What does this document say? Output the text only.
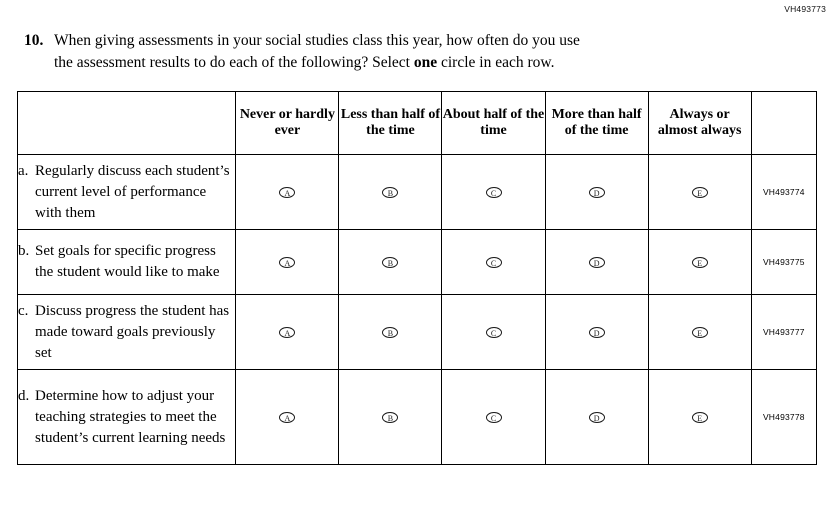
VH493773
10. When giving assessments in your social studies class this year, how often do you use
the assessment results to do each of the following? Select one circle in each row.
	Never or hardly ever	Less than half of the time	About half of the time	More than half of the time	Always or almost always	

a. Regularly discuss each student’s current level of performance with them	A	B	C	D	E	VH493774

b. Set goals for specific progress the student would like to make	A	B	C	D	E	VH493775

c. Discuss progress the student has made toward goals previously set	A	B	C	D	E	VH493777

d. Determine how to adjust your teaching strategies to meet the student’s current learning needs	A	B	C	D	E	VH493778
